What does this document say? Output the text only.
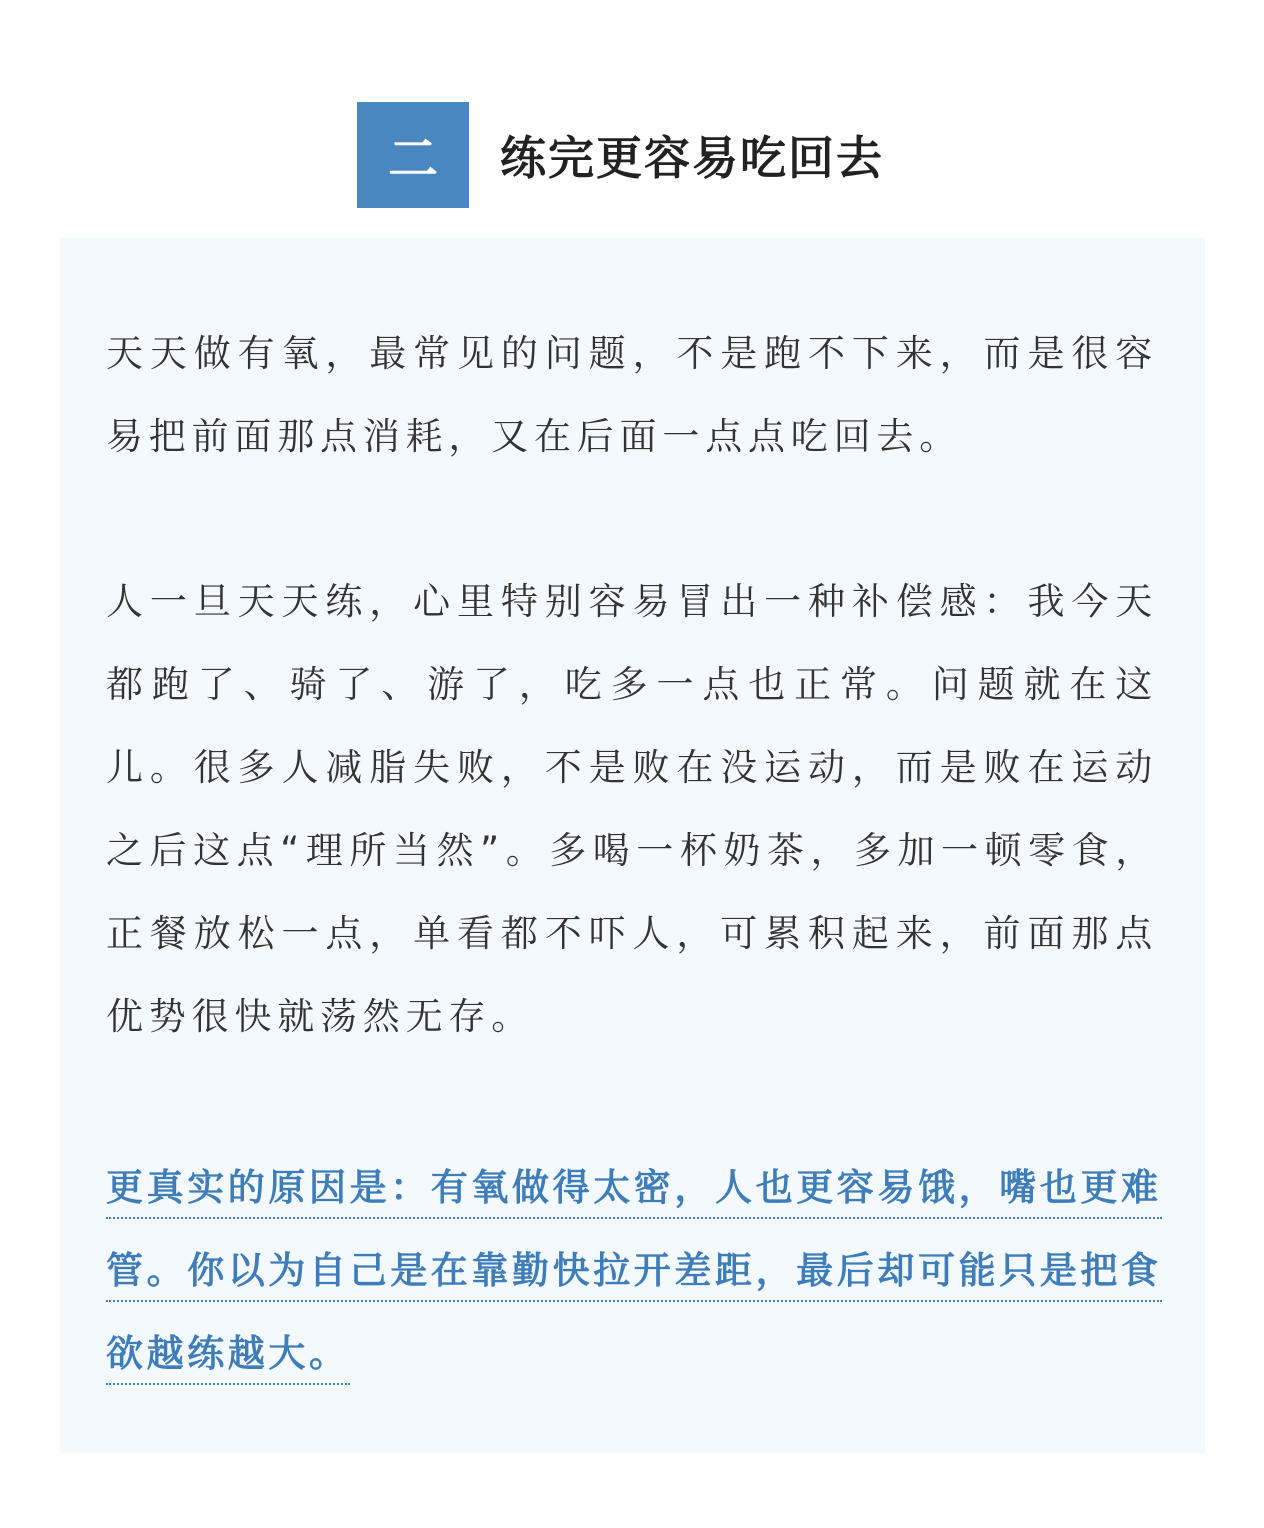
二	练完更容易吃回去

天天做有氧，最常见的问题，不是跑不下来，而是很容易把前面那点消耗，又在后面一点点吃回去。

人一旦天天练，心里特别容易冒出一种补偿感：我今天都跑了、骑了、游了，吃多一点也正常。问题就在这儿。很多人减脂失败，不是败在没运动，而是败在运动之后这点“理所当然”。多喝一杯奶茶，多加一顿零食，正餐放松一点，单看都不吓人，可累积起来，前面那点优势很快就荡然无存。

更真实的原因是：有氧做得太密，人也更容易饿，嘴也更难管。你以为自己是在靠勤快拉开差距，最后却可能只是把食欲越练越大。
